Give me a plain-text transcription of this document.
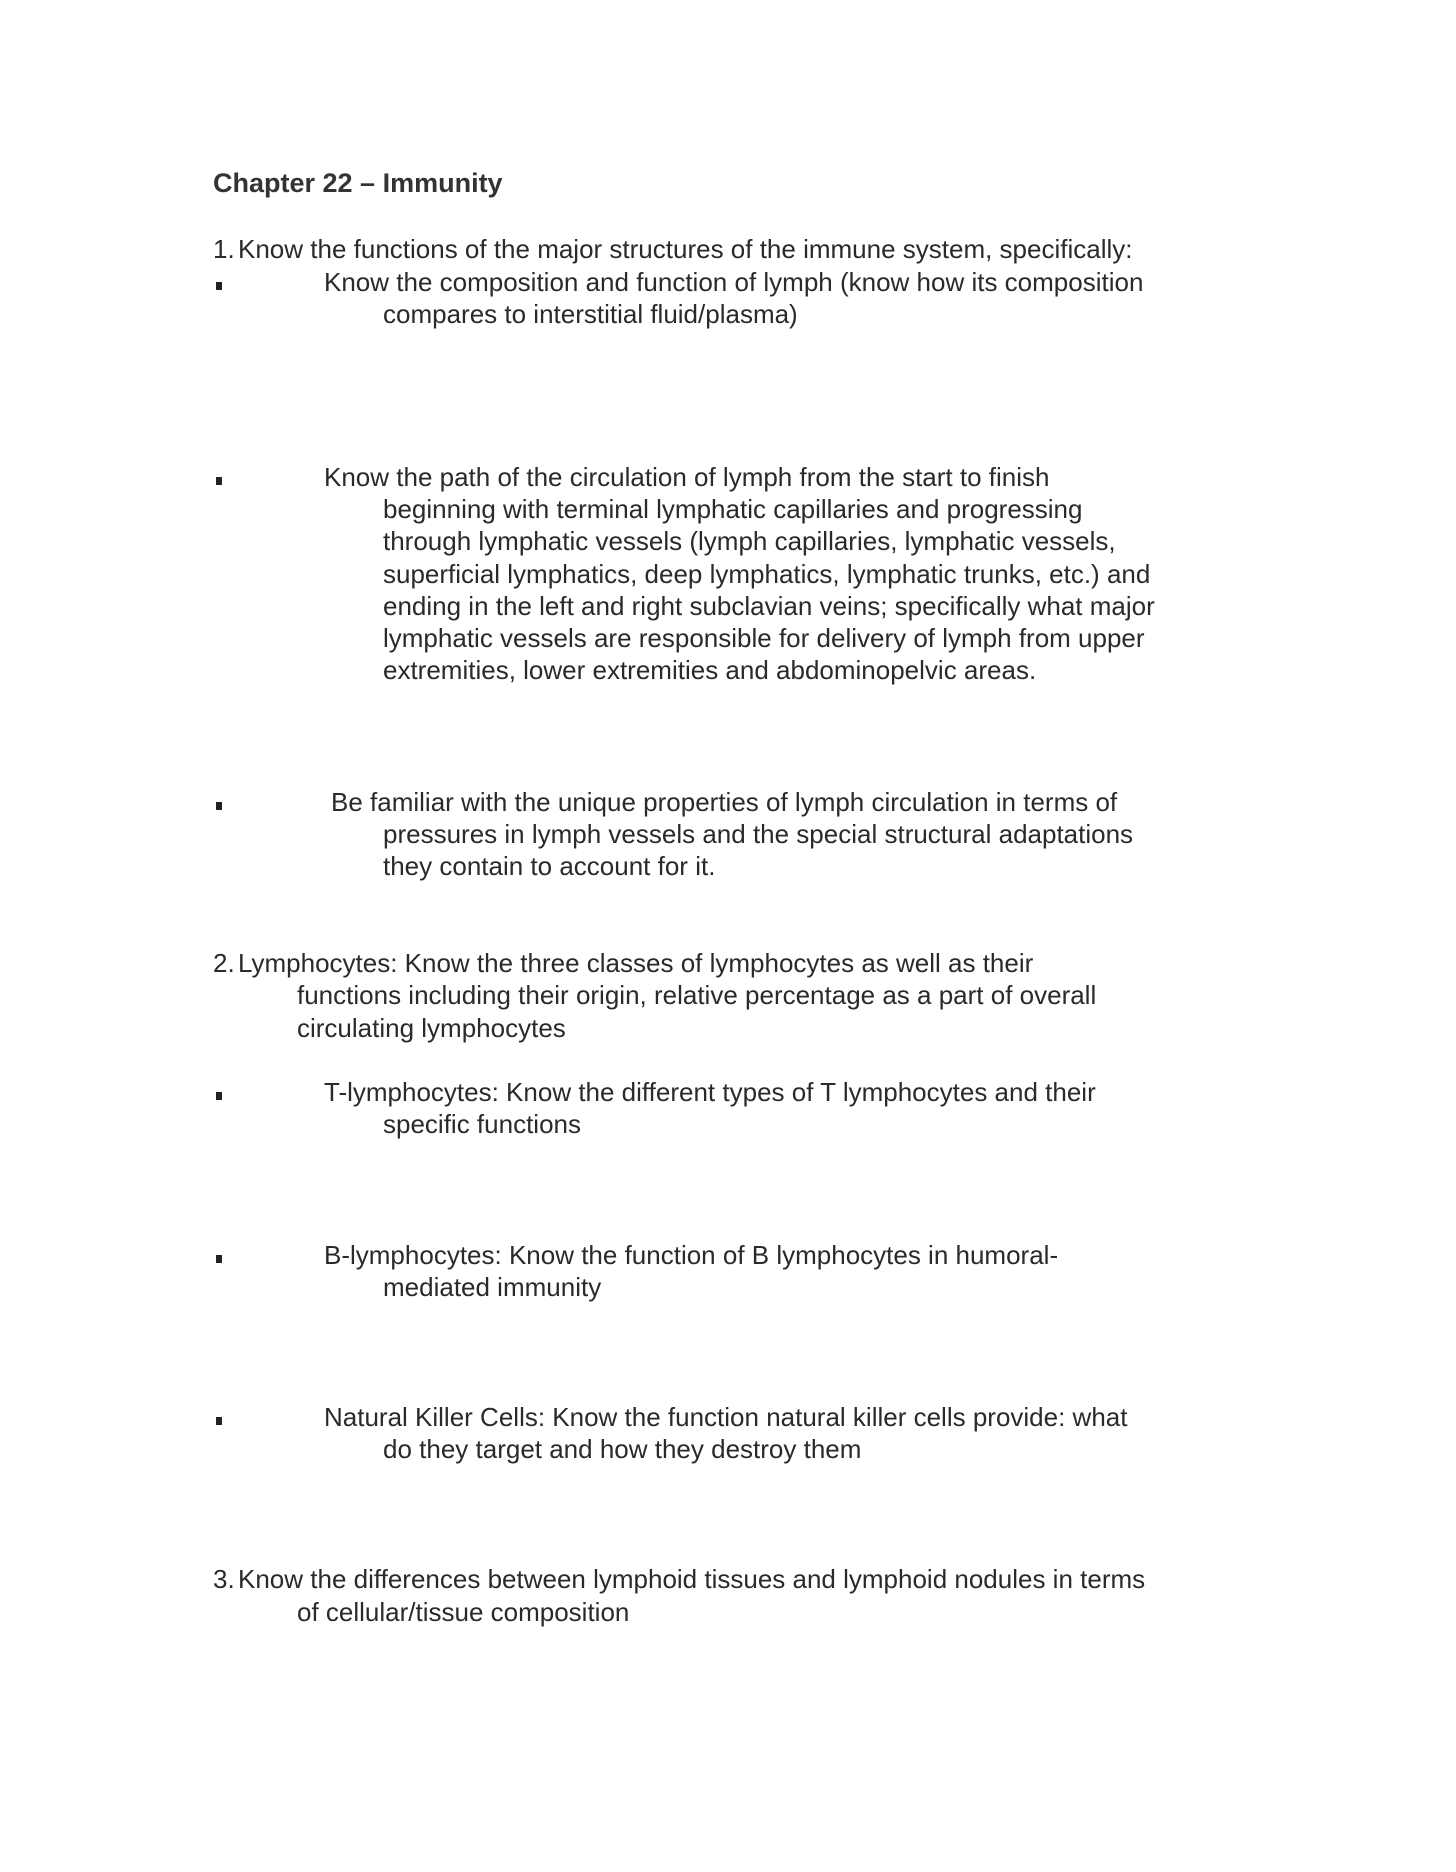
Chapter 22 – Immunity
1. Know the functions of the major structures of the immune system, specifically:
Know the composition and function of lymph (know how its composition
compares to interstitial fluid/plasma)
Know the path of the circulation of lymph from the start to finish
beginning with terminal lymphatic capillaries and progressing
through lymphatic vessels (lymph capillaries, lymphatic vessels,
superficial lymphatics, deep lymphatics, lymphatic trunks, etc.) and
ending in the left and right subclavian veins; specifically what major
lymphatic vessels are responsible for delivery of lymph from upper
extremities, lower extremities and abdominopelvic areas.
Be familiar with the unique properties of lymph circulation in terms of
pressures in lymph vessels and the special structural adaptations
they contain to account for it.
2. Lymphocytes: Know the three classes of lymphocytes as well as their
functions including their origin, relative percentage as a part of overall
circulating lymphocytes
T-lymphocytes: Know the different types of T lymphocytes and their
specific functions
B-lymphocytes: Know the function of B lymphocytes in humoral-
mediated immunity
Natural Killer Cells: Know the function natural killer cells provide: what
do they target and how they destroy them
3. Know the differences between lymphoid tissues and lymphoid nodules in terms
of cellular/tissue composition
